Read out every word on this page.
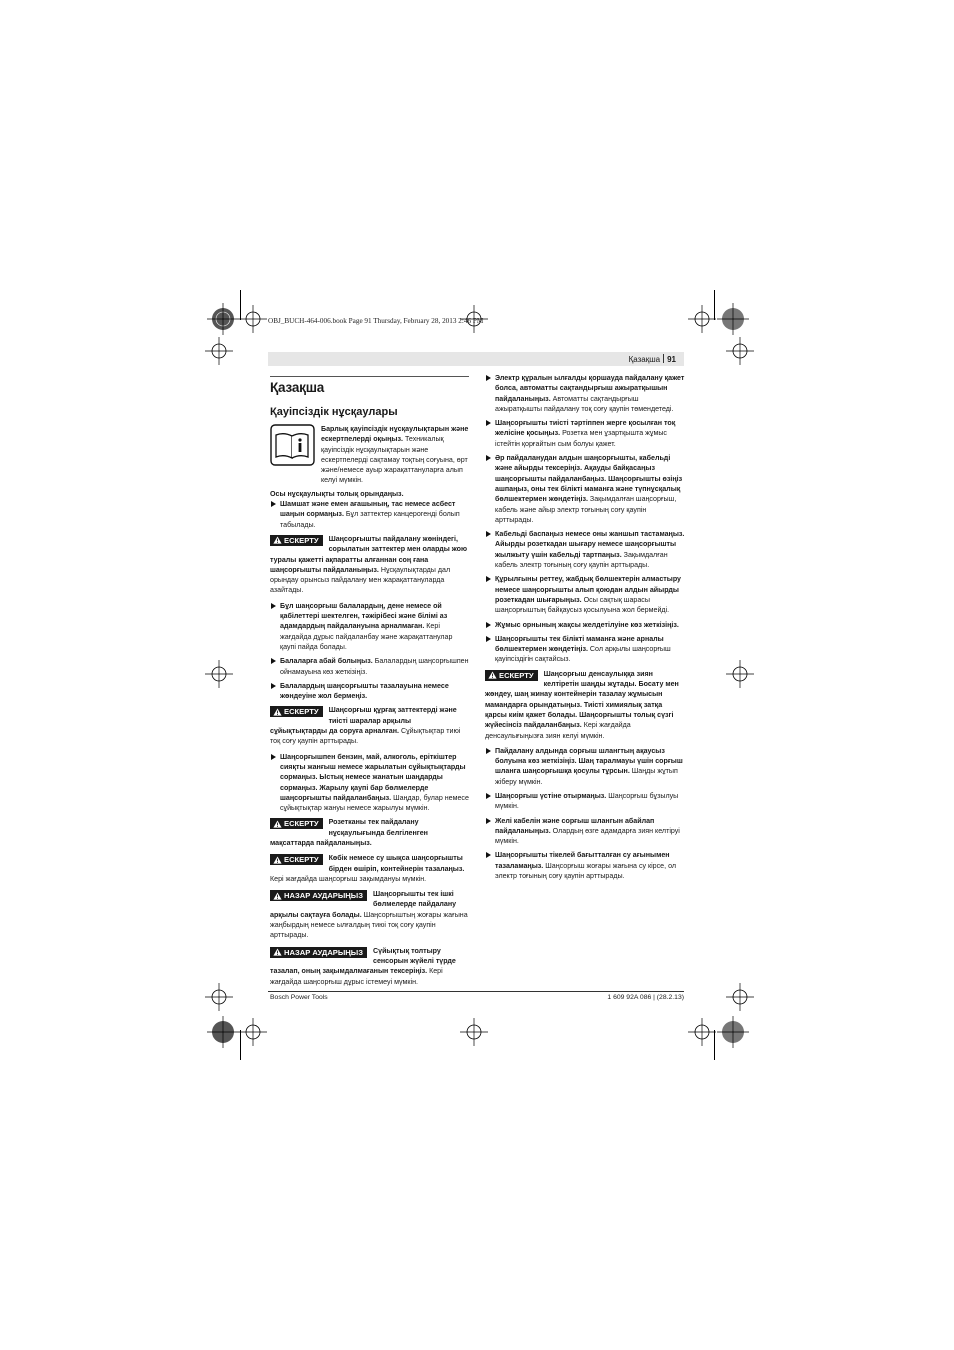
OBJ_BUCH-464-006.book Page 91 Thursday, February 28, 2013 2:46 PM
Қазақша 91
Қазақша
Қауіпсіздік нұсқаулары
Барлық қауіпсіздік нұсқаулықтарын және ескертпелерді оқыңыз. Техникалық қауіпсіздік нұсқаулықтарын және ескертпелерді сақтамау тоқтың соғуына, өрт және/немесе ауыр жарақаттануларға алып келуі мүмкін.

Осы нұсқаулықты толық орындаңыз.

Шамшат және емен ағашының, тас немесе асбест шаңын сормаңыз. Бұл заттектер канцерогенді болып табылады.
ЕСКЕРТУ Шаңсорғышты пайдалану жөніндегі, сорылатын заттектер мен оларды жою туралы қажетті ақпаратты алғаннан соң ғана шаңсорғышты пайдаланыңыз. Нұсқаулықтарды дал орындау орынсыз пайдалану мен жарақаттануларда азайтады.
Бұл шаңсорғыш балалардың, дене немесе ой қабілеттері шектелген, тәжірібесі және білімі аз адамдардың пайдалануына арналмаған. Кері жағдайда дұрыс пайдаланбау және жарақаттанулар қаупі пайда болады.
Балаларға абай болыңыз. Балалардың шаңсорғышпен ойнамауына көз жеткізіңіз.
Балалардың шаңсорғышты тазалауына немесе жөндеуіне жол бермеңіз.
ЕСКЕРТУ Шаңсорғыш құрғақ заттектерді және тиісті шаралар арқылы сұйықтықтарды да соруға арналған. Сұйықтықтар тиюі тоқ соғу қаупін арттырады.
Шаңсорғышпен бензин, май, алкоголь, еріткіштер сияқты жанғыш немесе жарылатын сұйықтықтарды сормаңыз. Ыстық немесе жанатын шаңдарды сормаңыз. Жарылу қаупі бар бөлмелерде шаңсорғышты пайдаланбаңыз. Шаңдар, булар немесе сұйықтықтар жануы немесе жарылуы мүмкін.
ЕСКЕРТУ Розетканы тек пайдалану нұсқаулығында белгіленген мақсаттарда пайдаланыңыз.
ЕСКЕРТУ Көбік немесе су шықса шаңсорғышты бірден өшіріп, контейнерін тазалаңыз. Кері жағдайда шаңсорғыш зақымдануы мүмкін.
НАЗАР АУДАРЫҢЫЗ Шаңсорғышты тек ішкі бөлмелерде пайдалану арқылы сақтауға болады. Шаңсорғыштың жоғары жағына жаңбырдың немесе ылғалдың тиюі тоқ соғу қаупін арттырады.
НАЗАР АУДАРЫҢЫЗ Сүйықтық толтыру сенсорын жүйелі түрде тазалап, оның зақымдалмағанын тексеріңіз. Кері жағдайда шаңсорғыш дұрыс істемеуі мүмкін.
Электр құралын ылғалды қоршауда пайдалану қажет болса, автоматты сақтандырғыш ажыратқышын пайдаланыңыз. Автоматты сақтандырғыш ажыратқышты пайдалану тоқ соғу қаупін төмендетеді.
Шаңсорғышты тиісті тәртіппен жерге қосылған тоқ желісіне қосыңыз. Розетка мен ұзартқышта жұмыс істейтін қорғайтын сым болуы қажет.
Әр пайдаланудан алдын шаңсорғышты, кабельді және айырды тексеріңіз. Ақауды байқасаңыз шаңсорғышты пайдаланбаңыз. Шаңсорғышты өзіңіз ашпаңыз, оны тек білікті маманға және түпнұсқалық бөлшектермен жөндетіңіз. Зақымдалған шаңсорғыш, кабель және айыр электр тоғының соғу қаупін арттырады.
Кабельді баспаңыз немесе оны жаншып тастамаңыз. Айырды розеткадан шығару немесе шаңсорғышты жылжыту үшін кабельді тартпаңыз. Зақымдалған кабель электр тоғының соғу қаупін арттырады.
Құрылғыны реттеу, жабдық бөлшектерін алмастыру немесе шаңсорғышты алып қоюдан алдын айырды розеткадан шығарыңыз. Осы сақтық шарасы шаңсорғыштың байқаусыз қосылуына жол бермейді.
Жұмыс орнының жақсы желдетілуіне көз жеткізіңіз.
Шаңсорғышты тек білікті маманға және арналы бөлшектермен жөндетіңіз. Сол арқылы шаңсорғыш қауіпсіздігін сақтайсыз.
ЕСКЕРТУ Шаңсорғыш денсаулыққа зиян келтіретін шаңды жұтады. Босату мен жөндеу, шаң жинау контейнерін тазалау жұмысын мамандарға орындатыңыз. Тиісті химиялық затқа қарсы киім қажет болады. Шаңсорғышты толық сүзгі жүйесінсіз пайдаланбаңыз. Кері жағдайда денсаулығыңызға зиян келуі мүмкін.
Пайдалану алдында сорғыш шлангтың ақаусыз болуына көз жеткізіңіз. Шаң таралмауы үшін сорғыш шланга шаңсорғышқа қосулы тұрсын. Шаңды жұтып жіберу мүмкін.
Шаңсорғыш үстіне отырмаңыз. Шаңсорғыш бұзылуы мүмкін.
Желі кабелін және сорғыш шлангын абайлап пайдаланыңыз. Олардың өзге адамдарға зиян келтіруі мүмкін.
Шаңсорғышты тікелей бағытталған су ағынымен тазаламаңыз. Шаңсорғыш жоғары жағына су кірсе, ол электр тоғының соғу қаупін арттырады.
Bosch Power Tools	1 609 92A 086 | (28.2.13)
